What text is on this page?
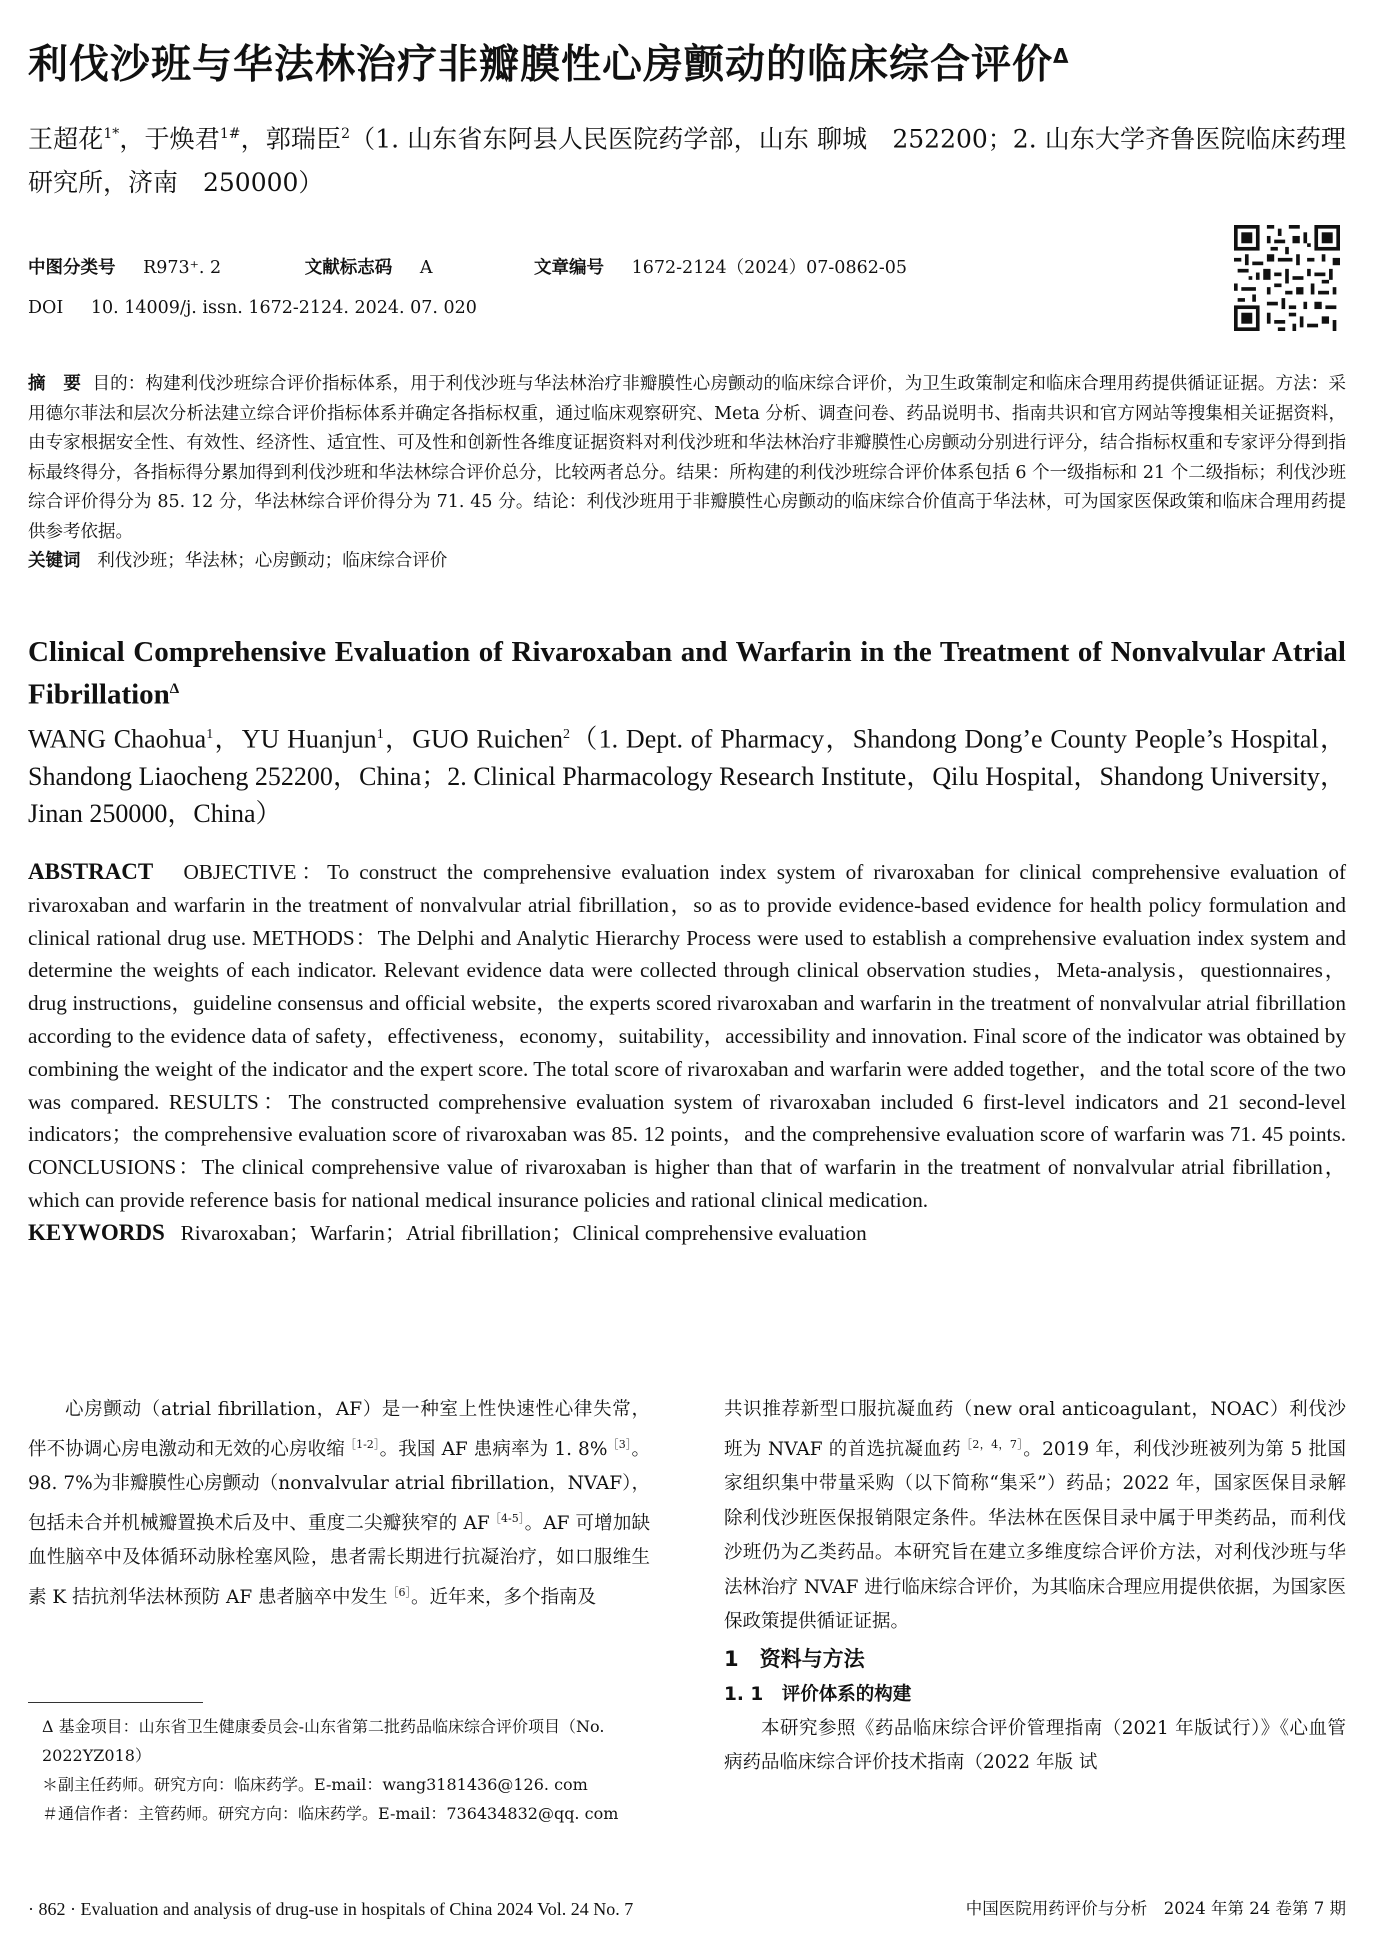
利伐沙班与华法林治疗非瓣膜性心房颤动的临床综合评价$^\Delta$
王超花$^{1*}$，于焕君$^{1\#}$，郭瑞臣$^2$（1. 山东省东阿县人民医院药学部，山东 聊城　252200；2. 山东大学齐鲁医院临床药理研究所，济南　250000）
中图分类号 R973⁺. 2	文献标志码 A	文章编号 1672-2124（2024）07-0862-05
DOI 10. 14009/j. issn. 1672-2124. 2024. 07. 020
摘　要 目的：构建利伐沙班综合评价指标体系，用于利伐沙班与华法林治疗非瓣膜性心房颤动的临床综合评价，为卫生政策制定和临床合理用药提供循证证据。方法：采用德尔菲法和层次分析法建立综合评价指标体系并确定各指标权重，通过临床观察研究、Meta 分析、调查问卷、药品说明书、指南共识和官方网站等搜集相关证据资料，由专家根据安全性、有效性、经济性、适宜性、可及性和创新性各维度证据资料对利伐沙班和华法林治疗非瓣膜性心房颤动分别进行评分，结合指标权重和专家评分得到指标最终得分，各指标得分累加得到利伐沙班和华法林综合评价总分，比较两者总分。结果：所构建的利伐沙班综合评价体系包括 6 个一级指标和 21 个二级指标；利伐沙班综合评价得分为 85. 12 分，华法林综合评价得分为 71. 45 分。结论：利伐沙班用于非瓣膜性心房颤动的临床综合价值高于华法林，可为国家医保政策和临床合理用药提供参考依据。
关键词 利伐沙班；华法林；心房颤动；临床综合评价
Clinical Comprehensive Evaluation of Rivaroxaban and Warfarin in the Treatment of Nonvalvular Atrial Fibrillation$^\Delta$
WANG Chaohua$^1$，YU Huanjun$^1$，GUO Ruichen$^2$（1. Dept. of Pharmacy，Shandong Dong’e County People’s Hospital，Shandong Liaocheng 252200，China；2. Clinical Pharmacology Research Institute，Qilu Hospital，Shandong University，Jinan 250000，China）
ABSTRACT OBJECTIVE：To construct the comprehensive evaluation index system of rivaroxaban for clinical comprehensive evaluation of rivaroxaban and warfarin in the treatment of nonvalvular atrial fibrillation，so as to provide evidence-based evidence for health policy formulation and clinical rational drug use. METHODS：The Delphi and Analytic Hierarchy Process were used to establish a comprehensive evaluation index system and determine the weights of each indicator. Relevant evidence data were collected through clinical observation studies，Meta-analysis，questionnaires，drug instructions，guideline consensus and official website，the experts scored rivaroxaban and warfarin in the treatment of nonvalvular atrial fibrillation according to the evidence data of safety，effectiveness，economy，suitability，accessibility and innovation. Final score of the indicator was obtained by combining the weight of the indicator and the expert score. The total score of rivaroxaban and warfarin were added together，and the total score of the two was compared. RESULTS：The constructed comprehensive evaluation system of rivaroxaban included 6 first-level indicators and 21 second-level indicators；the comprehensive evaluation score of rivaroxaban was 85. 12 points，and the comprehensive evaluation score of warfarin was 71. 45 points. CONCLUSIONS：The clinical comprehensive value of rivaroxaban is higher than that of warfarin in the treatment of nonvalvular atrial fibrillation，which can provide reference basis for national medical insurance policies and rational clinical medication.
KEYWORDS Rivaroxaban；Warfarin；Atrial fibrillation；Clinical comprehensive evaluation

心房颤动（atrial fibrillation，AF）是一种室上性快速性心律失常，伴不协调心房电激动和无效的心房收缩$^{[1-2]}$。我国 AF 患病率为 1. 8%$^{[3]}$。98. 7%为非瓣膜性心房颤动（nonvalvular atrial fibrillation，NVAF），包括未合并机械瓣置换术后及中、重度二尖瓣狭窄的 $AF^{[4-5]}$。AF 可增加缺血性脑卒中及体循环动脉栓塞风险，患者需长期进行抗凝治疗，如口服维生素 K 拮抗剂华法林预防 AF 患者脑卒中发生$^{[6]}$。近年来，多个指南及

Δ 基金项目：山东省卫生健康委员会-山东省第二批药品临床综合评价项目（No. 2022YZ018）

＊副主任药师。研究方向：临床药学。E-mail：wang3181436@126. com

＃通信作者：主管药师。研究方向：临床药学。E-mail：736434832@qq. com

共识推荐新型口服抗凝血药（new oral anticoagulant，NOAC）利伐沙班为 NVAF 的首选抗凝血药$^{[2,4,7]}$。2019 年，利伐沙班被列为第 5 批国家组织集中带量采购（以下简称“集采”）药品；2022 年，国家医保目录解除利伐沙班医保报销限定条件。华法林在医保目录中属于甲类药品，而利伐沙班仍为乙类药品。本研究旨在建立多维度综合评价方法，对利伐沙班与华法林治疗 NVAF 进行临床综合评价，为其临床合理应用提供依据，为国家医保政策提供循证证据。

1　资料与方法
1. 1　评价体系的构建

本研究参照《药品临床综合评价管理指南（2021 年版试行）》《心血管病药品临床综合评价技术指南（2022 年版 试

· 862 · Evaluation and analysis of drug-use in hospitals of China 2024 Vol. 24 No. 7	中国医院用药评价与分析　2024 年第 24 卷第 7 期
